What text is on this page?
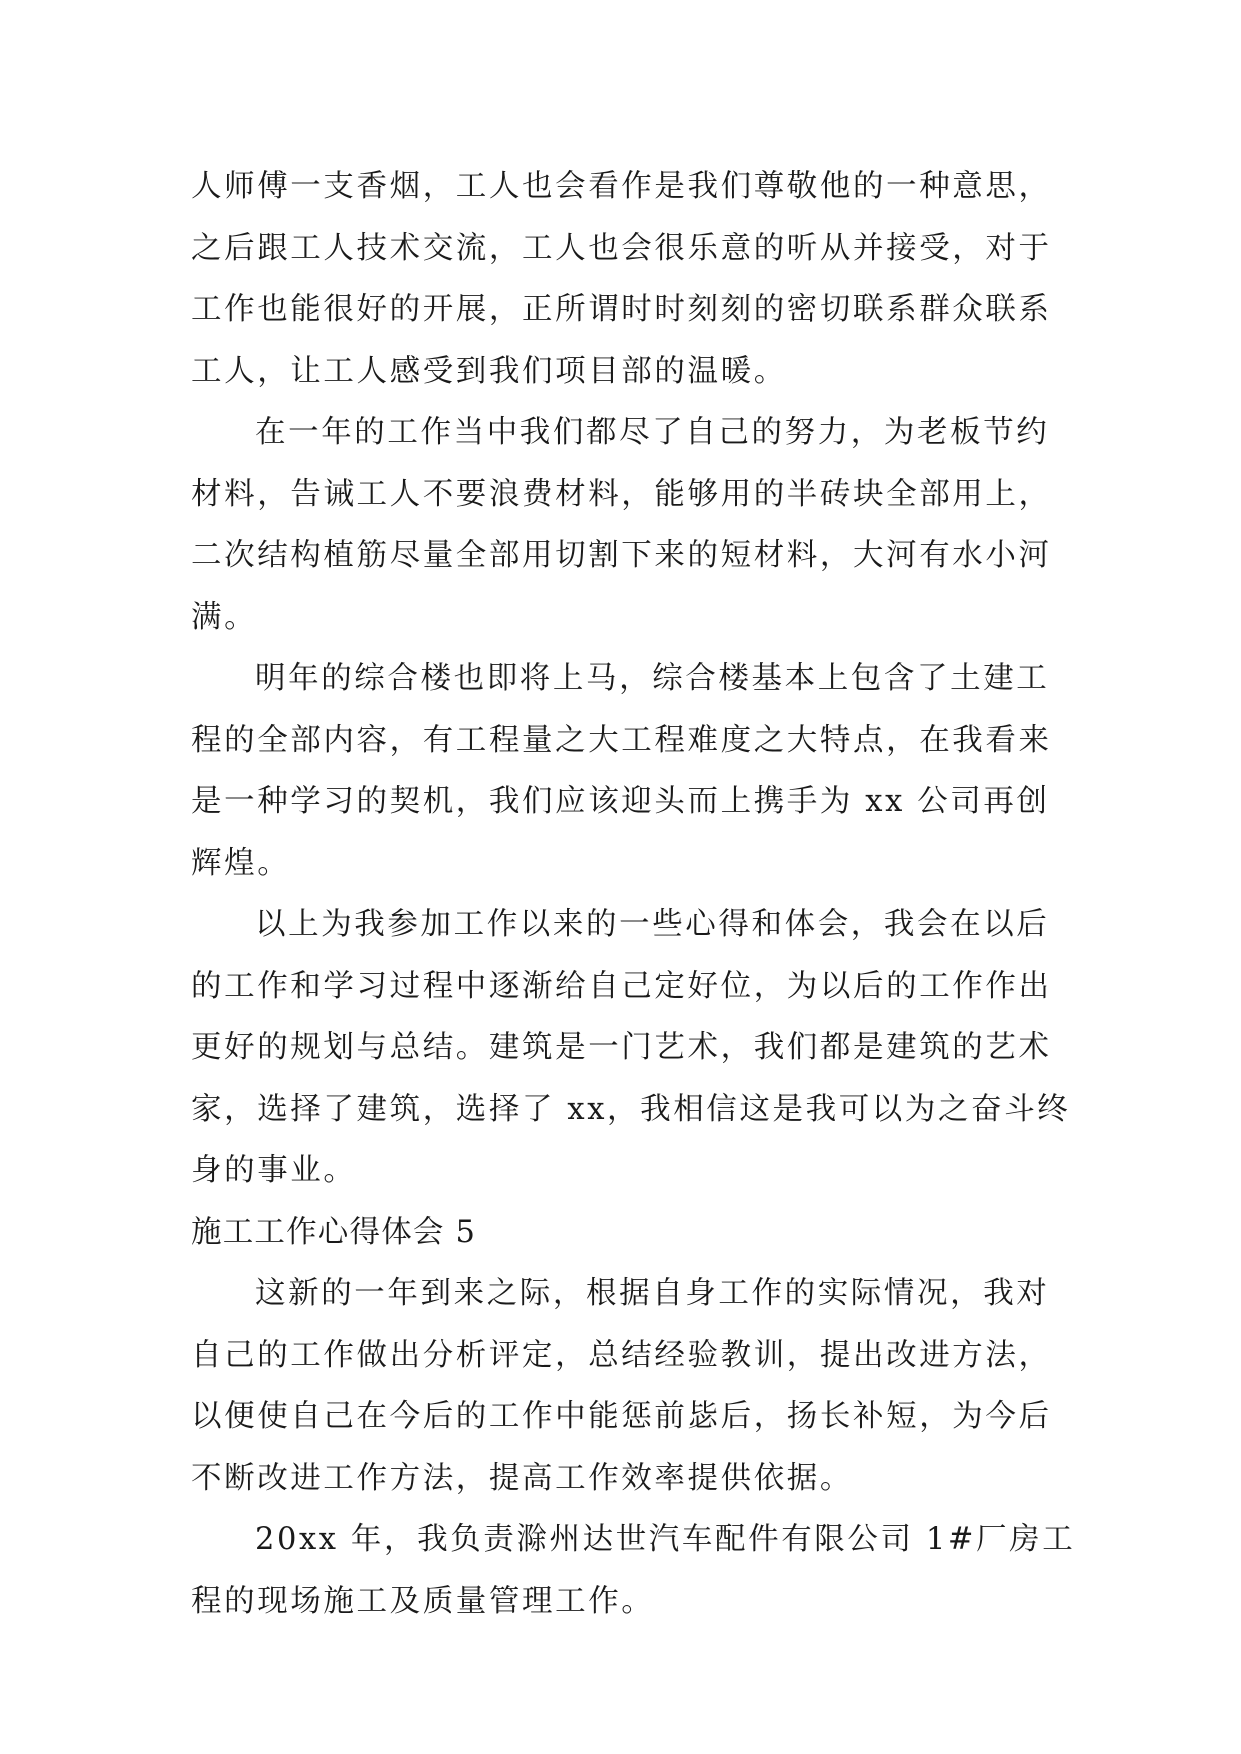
人师傅一支香烟，工人也会看作是我们尊敬他的一种意思，
之后跟工人技术交流，工人也会很乐意的听从并接受，对于
工作也能很好的开展，正所谓时时刻刻的密切联系群众联系
工人，让工人感受到我们项目部的温暖。
在一年的工作当中我们都尽了自己的努力，为老板节约
材料，告诫工人不要浪费材料，能够用的半砖块全部用上，
二次结构植筋尽量全部用切割下来的短材料，大河有水小河
满。
明年的综合楼也即将上马，综合楼基本上包含了土建工
程的全部内容，有工程量之大工程难度之大特点，在我看来
是一种学习的契机，我们应该迎头而上携手为 xx 公司再创
辉煌。
以上为我参加工作以来的一些心得和体会，我会在以后
的工作和学习过程中逐渐给自己定好位，为以后的工作作出
更好的规划与总结。建筑是一门艺术，我们都是建筑的艺术
家，选择了建筑，选择了 xx，我相信这是我可以为之奋斗终
身的事业。
施工工作心得体会 5
这新的一年到来之际，根据自身工作的实际情况，我对
自己的工作做出分析评定，总结经验教训，提出改进方法，
以便使自己在今后的工作中能惩前毖后，扬长补短，为今后
不断改进工作方法，提高工作效率提供依据。
20xx 年，我负责滁州达世汽车配件有限公司 1#厂房工
程的现场施工及质量管理工作。
